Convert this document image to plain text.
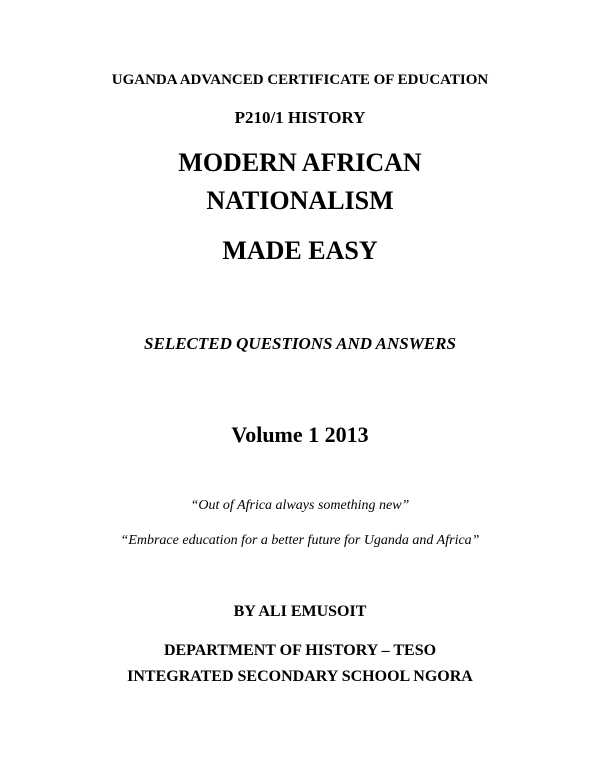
UGANDA ADVANCED CERTIFICATE OF EDUCATION
P210/1 HISTORY
MODERN AFRICAN
NATIONALISM
MADE EASY
SELECTED QUESTIONS AND ANSWERS
Volume 1 2013
“Out of Africa always something new”
“Embrace education for a better future for Uganda and Africa”
BY ALI EMUSOIT
DEPARTMENT OF HISTORY – TESO
INTEGRATED SECONDARY SCHOOL NGORA
